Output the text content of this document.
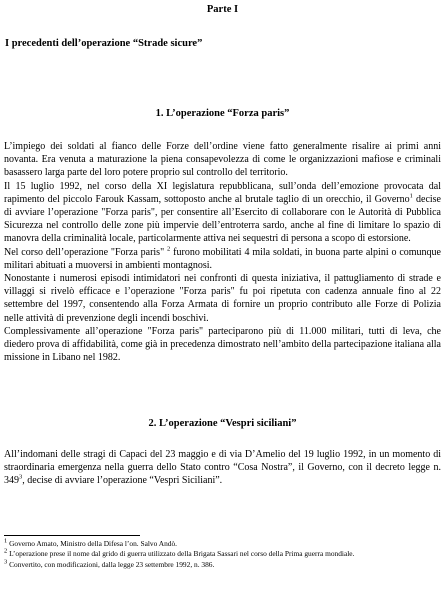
Parte I
I precedenti dell’operazione “Strade sicure”
1. L’operazione “Forza paris”

L’impiego dei soldati al fianco delle Forze dell’ordine viene fatto generalmente risalire ai primi anni novanta. Era venuta a maturazione la piena consapevolezza di come le organizzazioni mafiose e criminali basassero larga parte del loro potere proprio sul controllo del territorio.

Il 15 luglio 1992, nel corso della XI legislatura repubblicana, sull’onda dell’emozione provocata dal rapimento del piccolo Farouk Kassam, sottoposto anche al brutale taglio di un orecchio, il Governo$^1$ decise di avviare l’operazione "Forza paris", per consentire all’Esercito di collaborare con le Autorità di Pubblica Sicurezza nel controllo delle zone più impervie dell’entroterra sardo, anche al fine di limitare lo spazio di manovra della criminalità locale, particolarmente attiva nei sequestri di persona a scopo di estorsione.

Nel corso dell’operazione "Forza paris" $^2$ furono mobilitati 4 mila soldati, in buona parte alpini o comunque militari abituati a muoversi in ambienti montagnosi.

Nonostante i numerosi episodi intimidatori nei confronti di questa iniziativa, il pattugliamento di strade e villaggi si rivelò efficace e l’operazione "Forza paris" fu poi ripetuta con cadenza annuale fino al 22 settembre del 1997, consentendo alla Forza Armata di fornire un proprio contributo alle Forze di Polizia nelle attività di prevenzione degli incendi boschivi.

Complessivamente all’operazione "Forza paris" parteciparono più di 11.000 militari, tutti di leva, che diedero prova di affidabilità, come già in precedenza dimostrato nell’ambito della partecipazione italiana alla missione in Libano nel 1982.

2. L’operazione “Vespri siciliani”

All’indomani delle stragi di Capaci del 23 maggio e di via D’Amelio del 19 luglio 1992, in un momento di straordinaria emergenza nella guerra dello Stato contro “Cosa Nostra”, il Governo, con il decreto legge n. $349^3$, decise di avviare l’operazione “Vespri Siciliani”.

$^1$ Governo Amato, Ministro della Difesa l’on. Salvo Andò.

$^2$ L’operazione prese il nome dal grido di guerra utilizzato della Brigata Sassari nel corso della Prima guerra mondiale.

$^3$ Convertito, con modificazioni, dalla legge 23 settembre 1992, n. 386.
